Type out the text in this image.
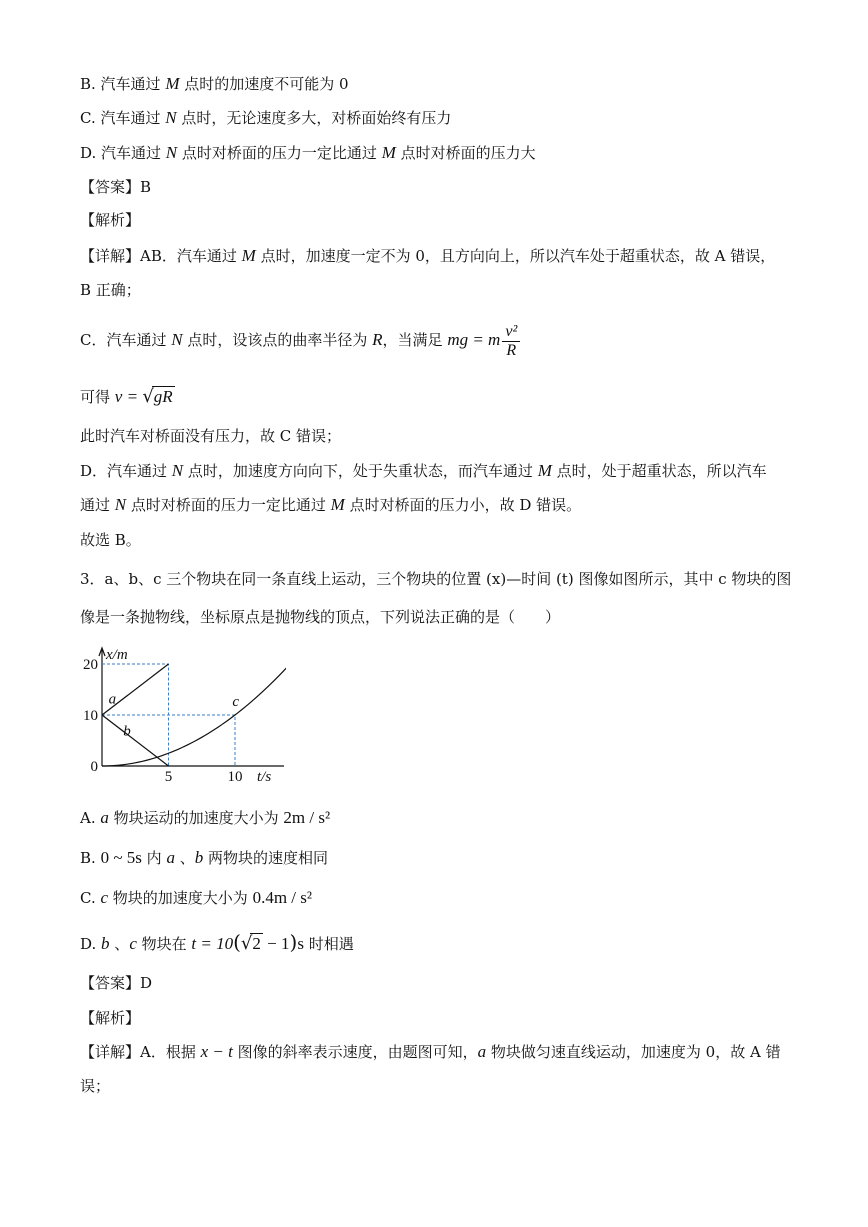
B. 汽车通过 M 点时的加速度不可能为 0
C. 汽车通过 N 点时，无论速度多大，对桥面始终有压力
D. 汽车通过 N 点时对桥面的压力一定比通过 M 点时对桥面的压力大
【答案】B
【解析】
【详解】AB．汽车通过 M 点时，加速度一定不为 0，且方向向上，所以汽车处于超重状态，故 A 错误，
B 正确；
C．汽车通过 N 点时，设该点的曲率半径为 R，当满足 mg = m $\frac{\text{v²}}{R}$
可得 v = √gR
此时汽车对桥面没有压力，故 C 错误；
D．汽车通过 N 点时，加速度方向向下，处于失重状态，而汽车通过 M 点时，处于超重状态，所以汽车
通过 N 点时对桥面的压力一定比通过 M 点时对桥面的压力小，故 D 错误。
故选 B。
3．a、b、c 三个物块在同一条直线上运动，三个物块的位置 (x)—时间 (t) 图像如图所示，其中 c 物块的图
像是一条抛物线，坐标原点是抛物线的顶点，下列说法正确的是（　　）
a
b
c
0
10
20
5	10
x/m
t/s
A. a 物块运动的加速度大小为 2m / s²
B. 0 ~ 5s 内 a 、b 两物块的速度相同
C. c 物块的加速度大小为 0.4m / s²
D. b 、c 物块在 t = 10(√2 − 1)s 时相遇
【答案】D
【解析】
【详解】A．根据 x − t 图像的斜率表示速度，由题图可知，a 物块做匀速直线运动，加速度为 0，故 A 错
误；
